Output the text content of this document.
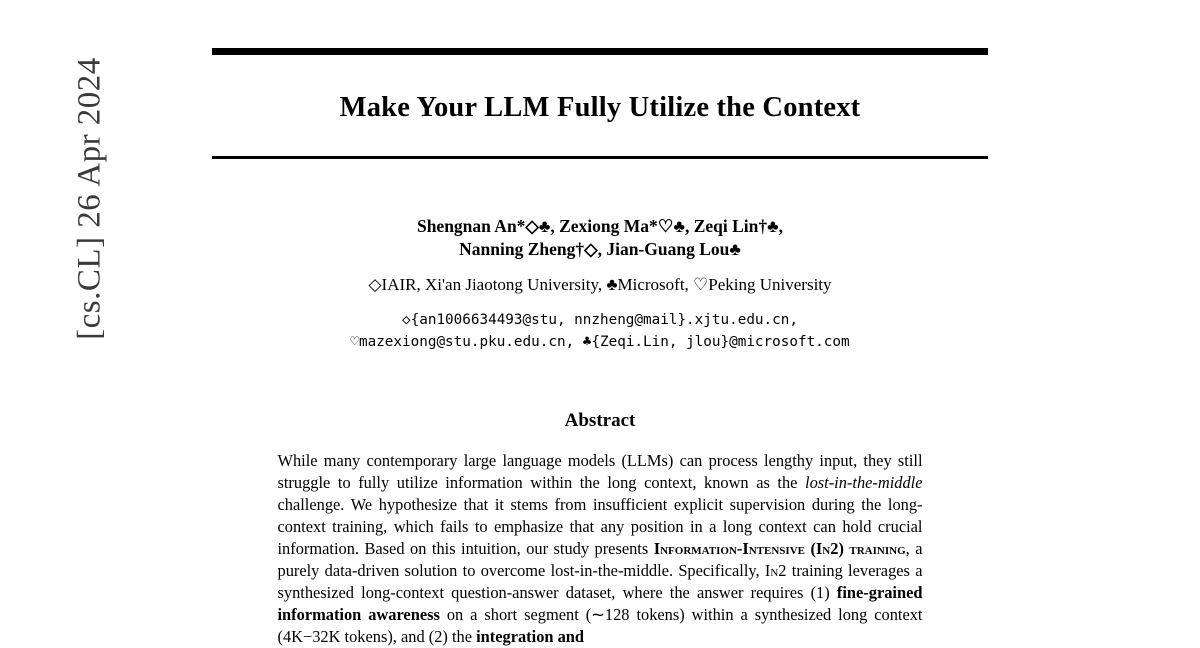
[cs.CL] 26 Apr 2024	Make Your LLM Fully Utilize the Context
Shengnan An*◇♣, Zexiong Ma*♡♣, Zeqi Lin†♣,
Nanning Zheng†◇, Jian-Guang Lou♣
◇IAIR, Xi'an Jiaotong University, ♣Microsoft, ♡Peking University
◇{an1006634493@stu, nnzheng@mail}.xjtu.edu.cn,
♡mazexiong@stu.pku.edu.cn, ♣{Zeqi.Lin, jlou}@microsoft.com
Abstract
While many contemporary large language models (LLMs) can process lengthy input, they still struggle to fully utilize information within the long context, known as the lost-in-the-middle challenge. We hypothesize that it stems from insufficient explicit supervision during the long-context training, which fails to emphasize that any position in a long context can hold crucial information. Based on this intuition, our study presents Information-Intensive (In2) training, a purely data-driven solution to overcome lost-in-the-middle. Specifically, In2 training leverages a synthesized long-context question-answer dataset, where the answer requires (1) fine-grained information awareness on a short segment (∼128 tokens) within a synthesized long context (4K−32K tokens), and (2) the integration and
